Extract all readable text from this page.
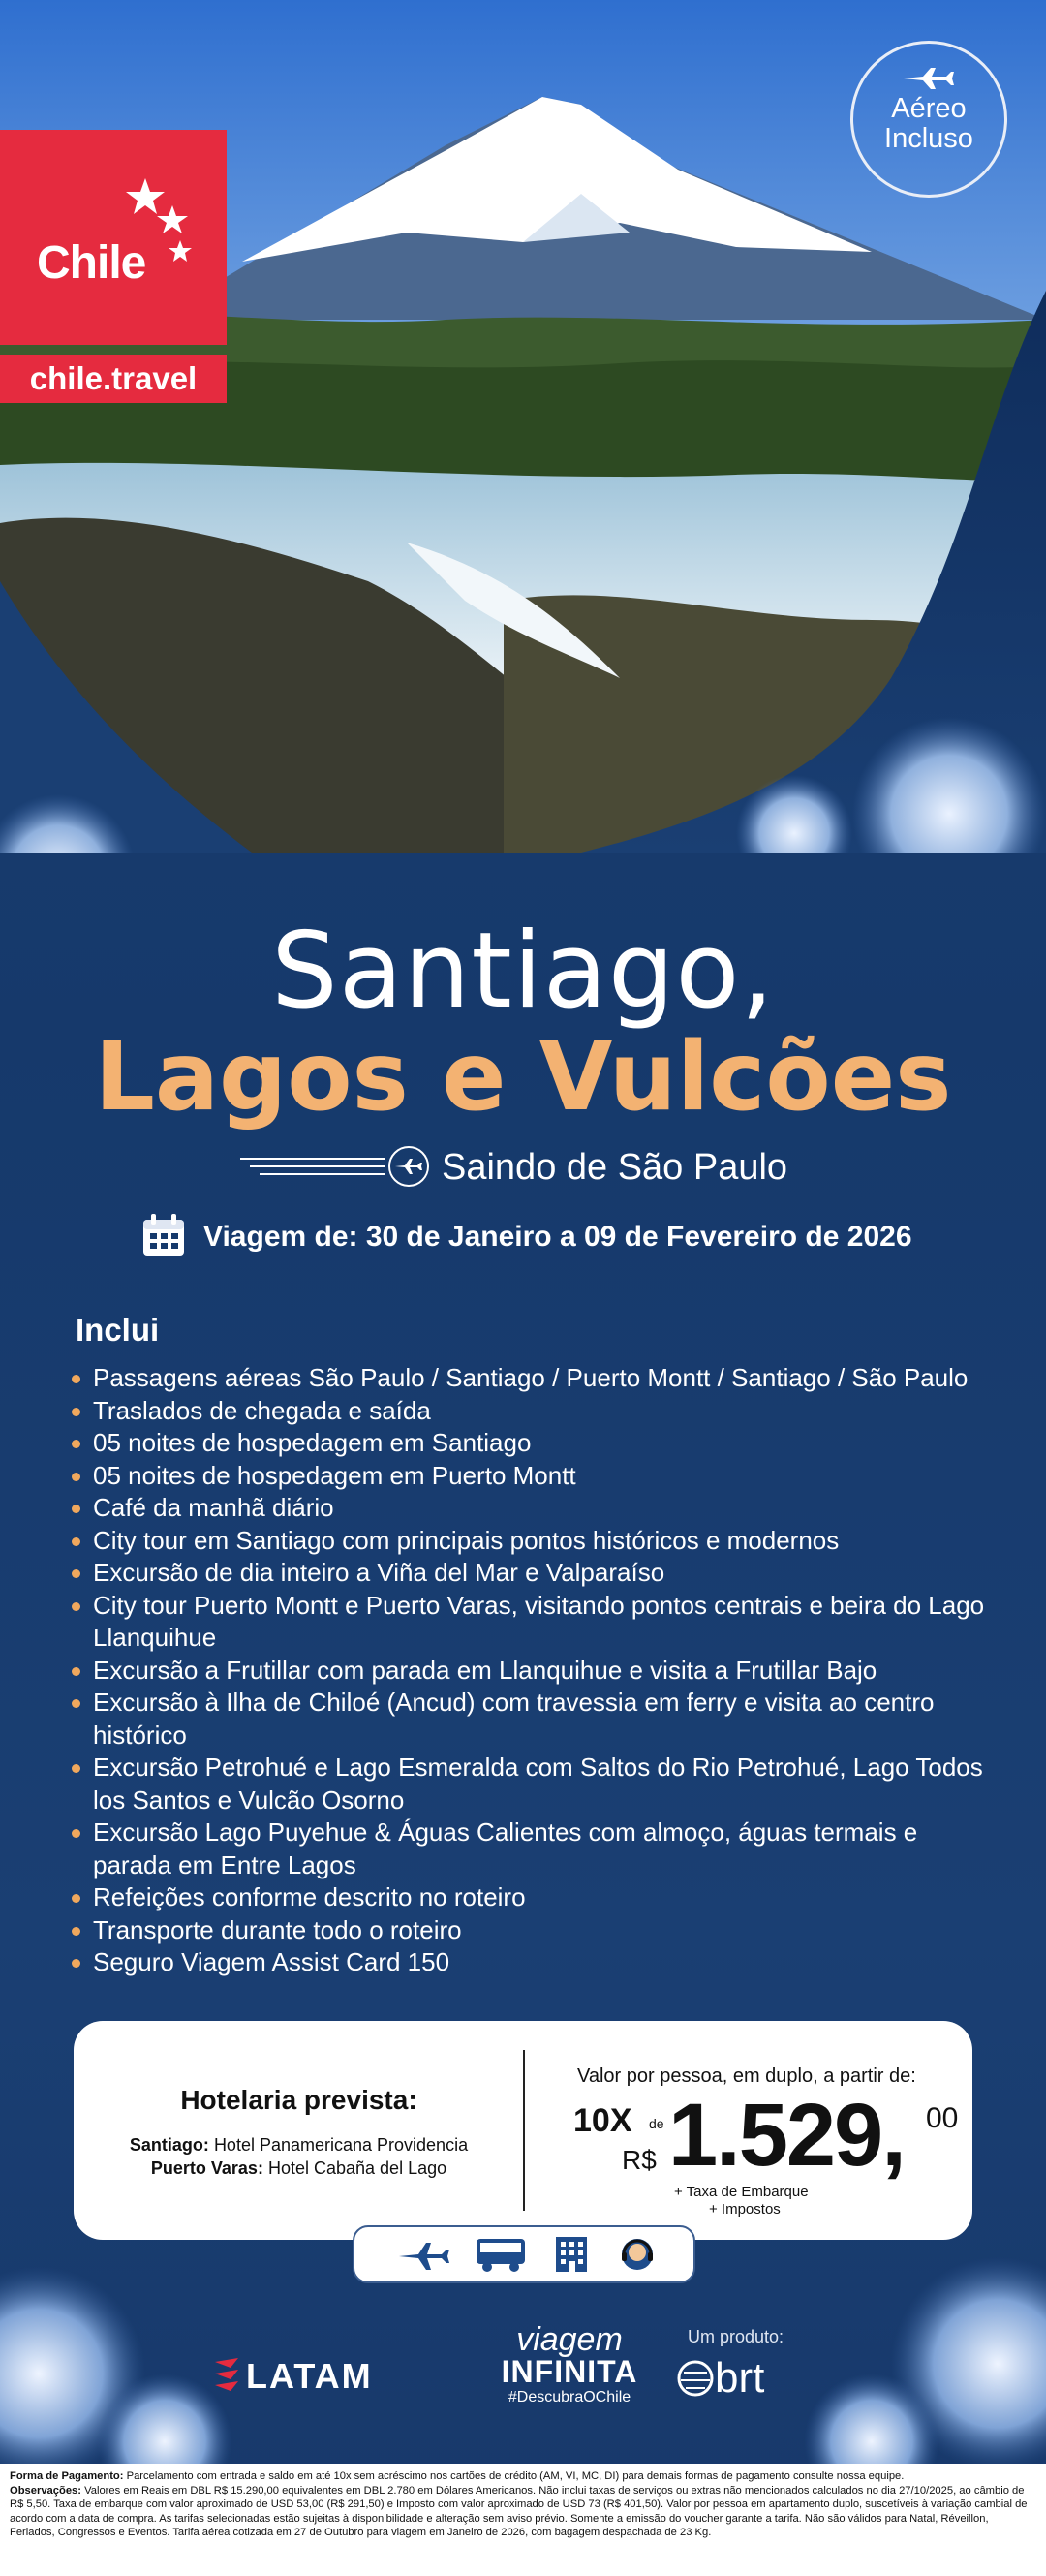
Aéreo
Incluso
Chile
chile.travel
Santiago,
Lagos e Vulcões
Saindo de São Paulo
Viagem de: 30 de Janeiro a 09 de Fevereiro de 2026
Inclui
Passagens aéreas São Paulo / Santiago / Puerto Montt / Santiago / São Paulo
Traslados de chegada e saída
05 noites de hospedagem em Santiago
05 noites de hospedagem em Puerto Montt
Café da manhã diário
City tour em Santiago com principais pontos históricos e modernos
Excursão de dia inteiro a Viña del Mar e Valparaíso
City tour Puerto Montt e Puerto Varas, visitando pontos centrais e beira do Lago Llanquihue
Excursão a Frutillar com parada em Llanquihue e visita a Frutillar Bajo
Excursão à Ilha de Chiloé (Ancud) com travessia em ferry e visita ao centro histórico
Excursão Petrohué e Lago Esmeralda com Saltos do Rio Petrohué, Lago Todos los Santos e Vulcão Osorno
Excursão Lago Puyehue & Águas Calientes com almoço, águas termais e parada em Entre Lagos
Refeições conforme descrito no roteiro
Transporte durante todo o roteiro
Seguro Viagem Assist Card 150
Hotelaria prevista:
Santiago: Hotel Panamericana Providencia
Puerto Varas: Hotel Cabaña del Lago
Valor por pessoa, em duplo, a partir de:
10X de
R$ 1.529, 00
+ Taxa de Embarque
+ Impostos
LATAM
viagem
INFINITA
#DescubraOChile
Um produto:
brt

Forma de Pagamento: Parcelamento com entrada e saldo em até 10x sem acréscimo nos cartões de crédito (AM, VI, MC, DI) para demais formas de pagamento consulte nossa equipe.

Observações: Valores em Reais em DBL R$ 15.290,00 equivalentes em DBL 2.780 em Dólares Americanos. Não inclui taxas de serviços ou extras não mencionados calculados no dia 27/10/2025, ao câmbio de R$ 5,50. Taxa de embarque com valor aproximado de USD 53,00 (R$ 291,50) e Imposto com valor aproximado de USD 73 (R$ 401,50). Valor por pessoa em apartamento duplo, suscetíveis à variação cambial de acordo com a data de compra. As tarifas selecionadas estão sujeitas à disponibilidade e alteração sem aviso prévio. Somente a emissão do voucher garante a tarifa. Não são válidos para Natal, Réveillon, Feriados, Congressos e Eventos. Tarifa aérea cotizada em 27 de Outubro para viagem em Janeiro de 2026, com bagagem despachada de 23 Kg.
